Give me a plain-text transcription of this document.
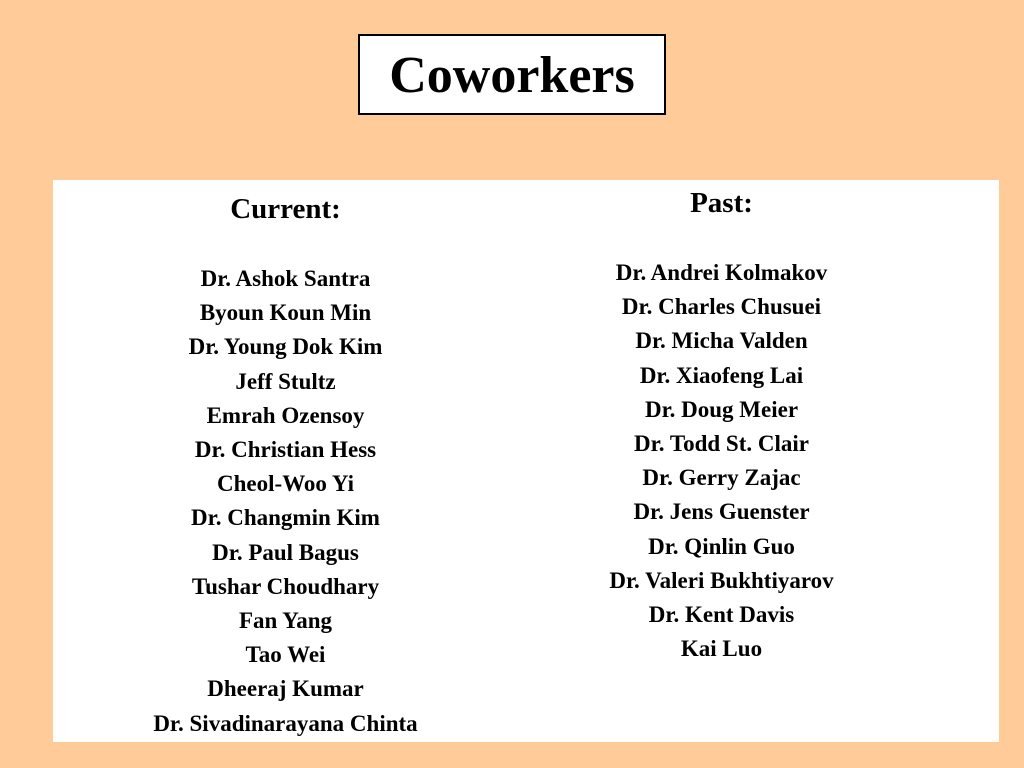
Coworkers
Current:
Dr. Ashok Santra
Byoun Koun Min
Dr. Young Dok Kim
Jeff Stultz
Emrah Ozensoy
Dr. Christian Hess
Cheol-Woo Yi
Dr. Changmin Kim
Dr. Paul Bagus
Tushar Choudhary
Fan Yang
Tao Wei
Dheeraj Kumar
Dr. Sivadinarayana Chinta
Past:
Dr. Andrei Kolmakov
Dr. Charles Chusuei
Dr. Micha Valden
Dr. Xiaofeng Lai
Dr. Doug Meier
Dr. Todd St. Clair
Dr. Gerry Zajac
Dr. Jens Guenster
Dr. Qinlin Guo
Dr. Valeri Bukhtiyarov
Dr. Kent Davis
Kai Luo
